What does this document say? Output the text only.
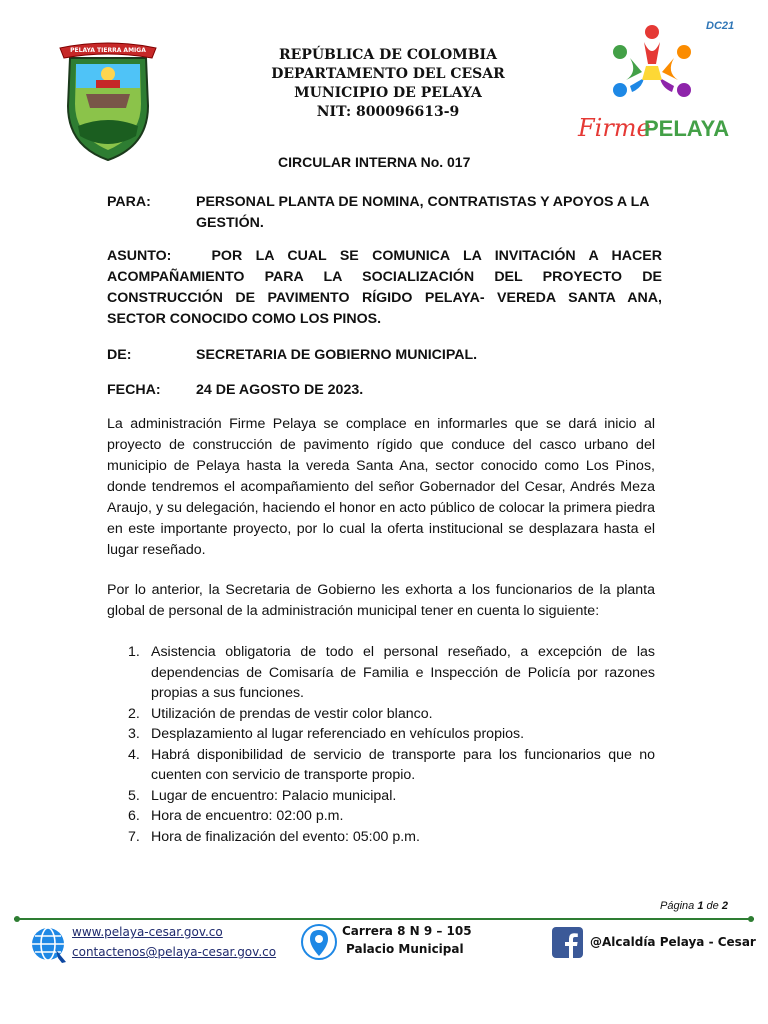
DC21
PELAYA TIERRA AMIGA
Firme
PELAYA
REPÚBLICA DE COLOMBIA
DEPARTAMENTO DEL CESAR
MUNICIPIO DE PELAYA
NIT: 800096613-9
CIRCULAR INTERNA No. 017
PARA:	PERSONAL PLANTA DE NOMINA, CONTRATISTAS Y APOYOS A LA GESTIÓN.
ASUNTO:	POR LA CUAL SE COMUNICA LA INVITACIÓN A HACER ACOMPAÑAMIENTO PARA LA SOCIALIZACIÓN DEL PROYECTO DE CONSTRUCCIÓN DE PAVIMENTO RÍGIDO PELAYA- VEREDA SANTA ANA, SECTOR CONOCIDO COMO LOS PINOS.
DE:	SECRETARIA DE GOBIERNO MUNICIPAL.
FECHA: 24 DE AGOSTO DE 2023.
La administración Firme Pelaya se complace en informarles que se dará inicio al proyecto de construcción de pavimento rígido que conduce del casco urbano del municipio de Pelaya hasta la vereda Santa Ana, sector conocido como Los Pinos, donde tendremos el acompañamiento del señor Gobernador del Cesar, Andrés Meza Araujo, y su delegación, haciendo el honor en acto público de colocar la primera piedra en este importante proyecto, por lo cual la oferta institucional se desplazara hasta el lugar reseñado.
Por lo anterior, la Secretaria de Gobierno les exhorta a los funcionarios de la planta global de personal de la administración municipal tener en cuenta lo siguiente:
1. Asistencia obligatoria de todo el personal reseñado, a excepción de las dependencias de Comisaría de Familia e Inspección de Policía por razones propias a sus funciones.
2. Utilización de prendas de vestir color blanco.
3. Desplazamiento al lugar referenciado en vehículos propios.
4. Habrá disponibilidad de servicio de transporte para los funcionarios que no cuenten con servicio de transporte propio.
5. Lugar de encuentro: Palacio municipal.
6. Hora de encuentro: 02:00 p.m.
7. Hora de finalización del evento: 05:00 p.m.
Página 1 de 2
www.pelaya-cesar.gov.co
contactenos@pelaya-cesar.gov.co
Carrera 8 N 9 – 105
Palacio Municipal	@Alcaldía Pelaya - Cesar
